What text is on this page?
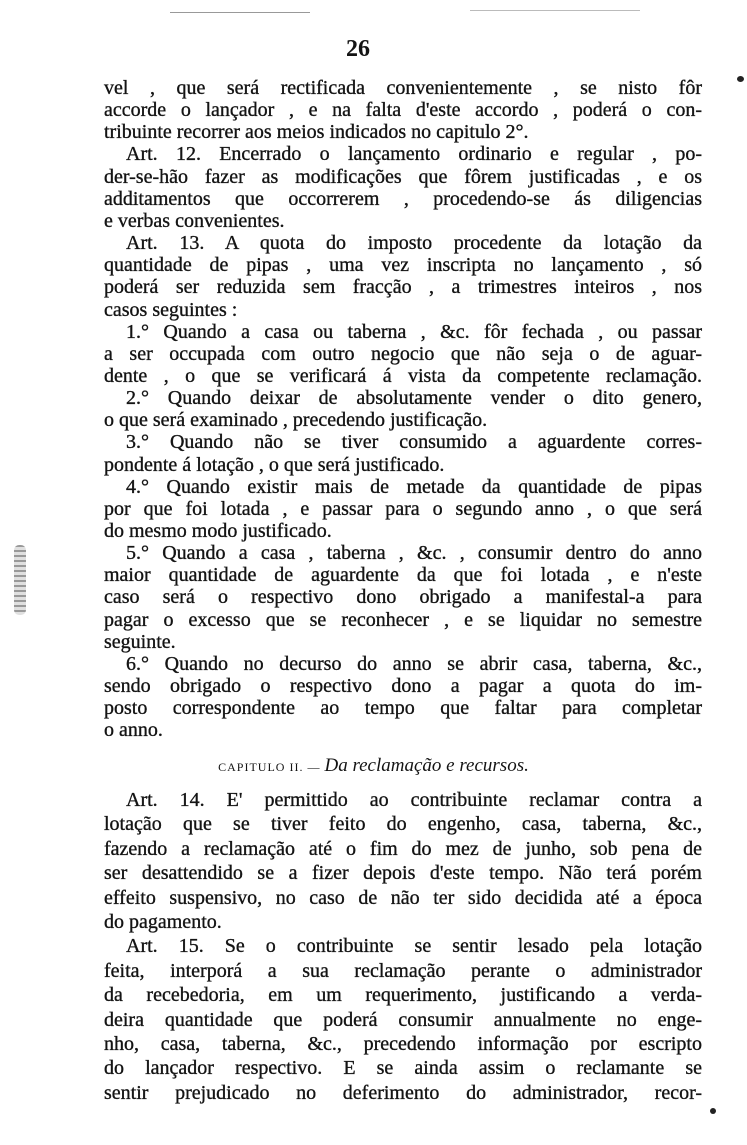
26
vel , que será rectificada convenientemente , se nisto fôr
accorde o lançador , e na falta d'este accordo , poderá o con-
tribuinte recorrer aos meios indicados no capitulo 2°.
Art. 12. Encerrado o lançamento ordinario e regular , po-
der-se-hão fazer as modificações que fôrem justificadas , e os
additamentos que occorrerem , procedendo-se ás diligencias
e verbas convenientes.
Art. 13. A quota do imposto procedente da lotação da
quantidade de pipas , uma vez inscripta no lançamento , só
poderá ser reduzida sem fracção , a trimestres inteiros , nos
casos seguintes :
1.° Quando a casa ou taberna , &c. fôr fechada , ou passar
a ser occupada com outro negocio que não seja o de aguar-
dente , o que se verificará á vista da competente reclamação.
2.° Quando deixar de absolutamente vender o dito genero,
o que será examinado , precedendo justificação.
3.° Quando não se tiver consumido a aguardente corres-
pondente á lotação , o que será justificado.
4.° Quando existir mais de metade da quantidade de pipas
por que foi lotada , e passar para o segundo anno , o que será
do mesmo modo justificado.
5.° Quando a casa , taberna , &c. , consumir dentro do anno
maior quantidade de aguardente da que foi lotada , e n'este
caso será o respectivo dono obrigado a manifestal-a para
pagar o excesso que se reconhecer , e se liquidar no semestre
seguinte.
6.° Quando no decurso do anno se abrir casa, taberna, &c.,
sendo obrigado o respectivo dono a pagar a quota do im-
posto correspondente ao tempo que faltar para completar
o anno.
CAPITULO II. — Da reclamação e recursos.
Art. 14. E' permittido ao contribuinte reclamar contra a
lotação que se tiver feito do engenho, casa, taberna, &c.,
fazendo a reclamação até o fim do mez de junho, sob pena de
ser desattendido se a fizer depois d'este tempo. Não terá porém
effeito suspensivo, no caso de não ter sido decidida até a época
do pagamento.
Art. 15. Se o contribuinte se sentir lesado pela lotação
feita, interporá a sua reclamação perante o administrador
da recebedoria, em um requerimento, justificando a verda-
deira quantidade que poderá consumir annualmente no enge-
nho, casa, taberna, &c., precedendo informação por escripto
do lançador respectivo. E se ainda assim o reclamante se
sentir prejudicado no deferimento do administrador, recor-
